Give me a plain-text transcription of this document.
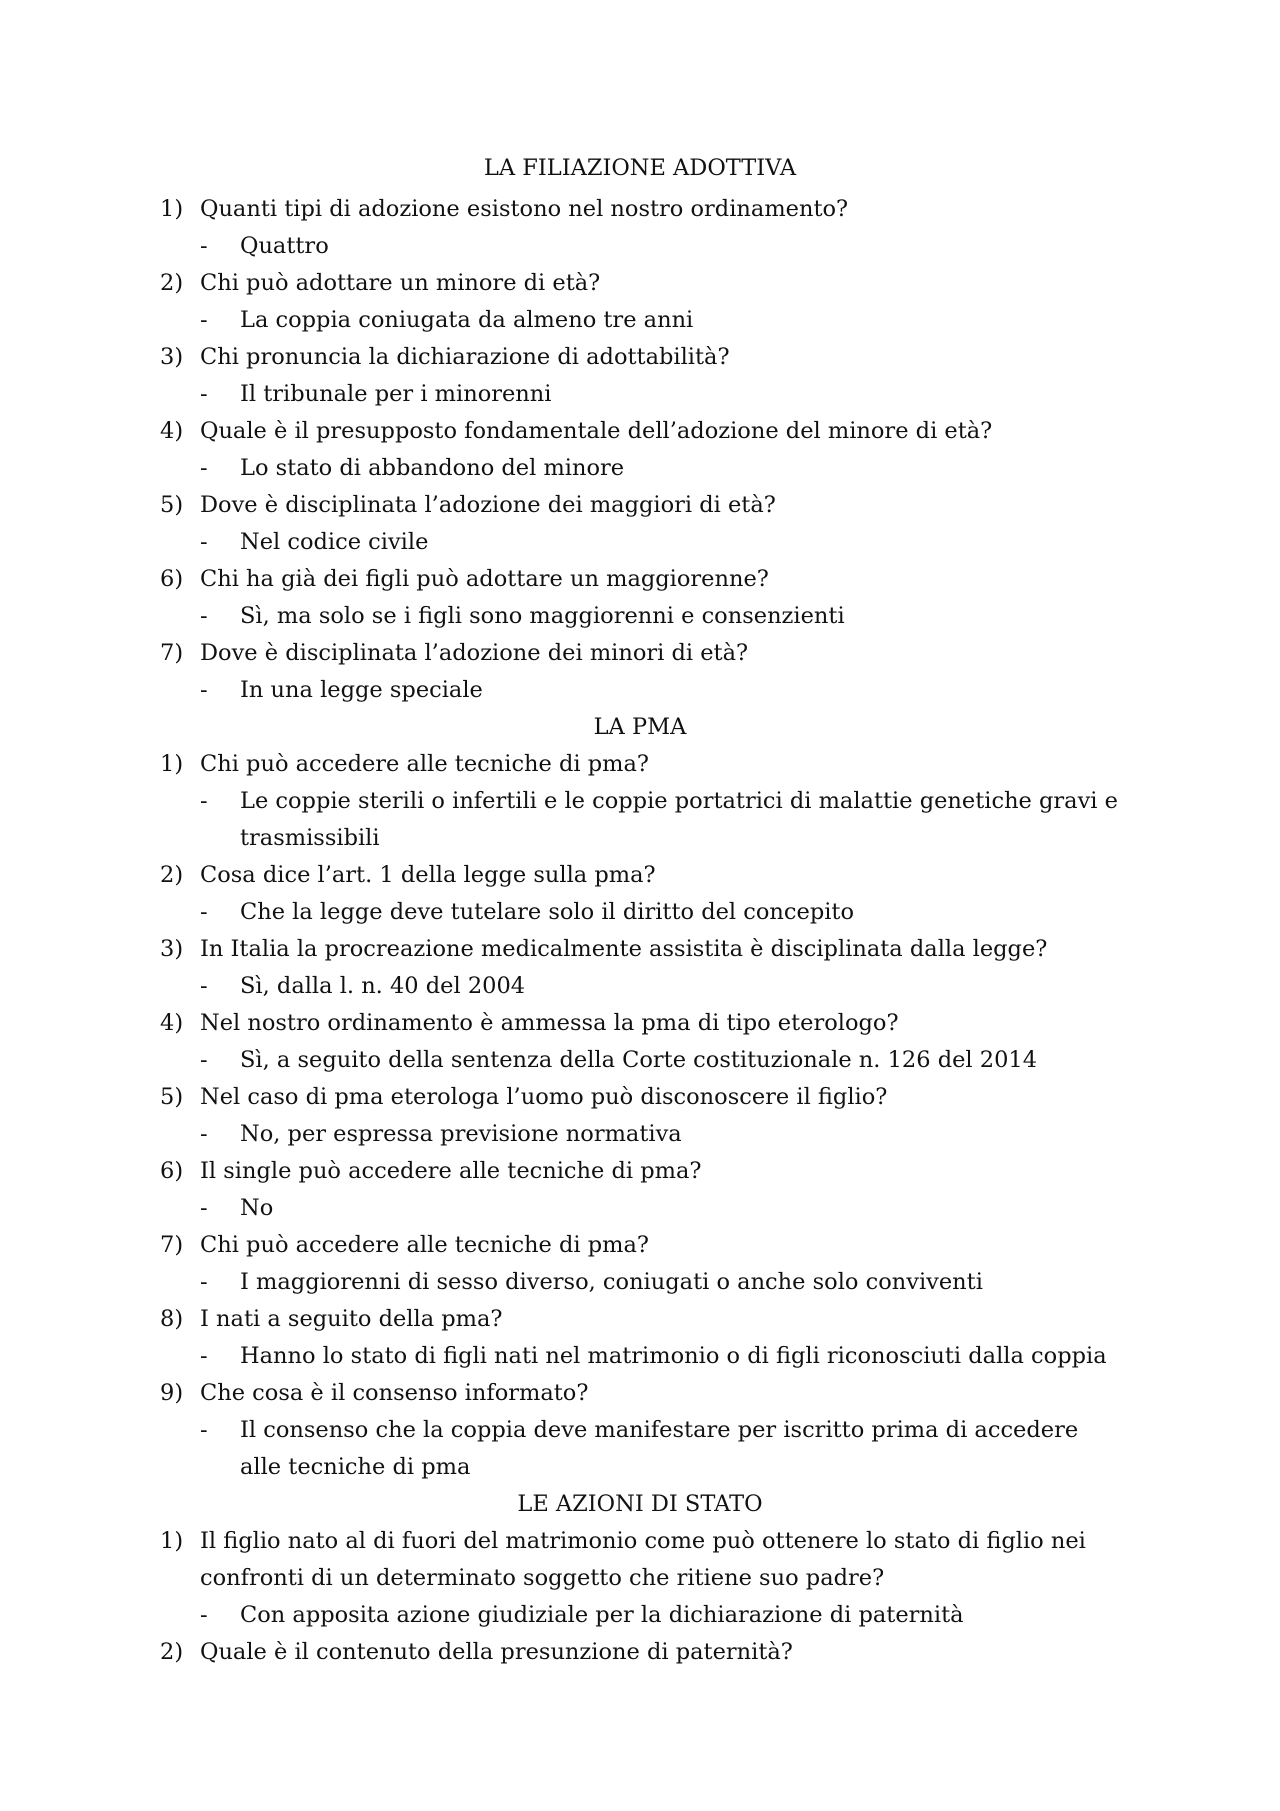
LA FILIAZIONE ADOTTIVA
1) Quanti tipi di adozione esistono nel nostro ordinamento?
- Quattro
2) Chi può adottare un minore di età?
- La coppia coniugata da almeno tre anni
3) Chi pronuncia la dichiarazione di adottabilità?
- Il tribunale per i minorenni
4) Quale è il presupposto fondamentale dell’adozione del minore di età?
- Lo stato di abbandono del minore
5) Dove è disciplinata l’adozione dei maggiori di età?
- Nel codice civile
6) Chi ha già dei figli può adottare un maggiorenne?
- Sì, ma solo se i figli sono maggiorenni e consenzienti
7) Dove è disciplinata l’adozione dei minori di età?
- In una legge speciale
LA PMA
1) Chi può accedere alle tecniche di pma?
- Le coppie sterili o infertili e le coppie portatrici di malattie genetiche gravi e trasmissibili
2) Cosa dice l’art. 1 della legge sulla pma?
- Che la legge deve tutelare solo il diritto del concepito
3) In Italia la procreazione medicalmente assistita è disciplinata dalla legge?
- Sì, dalla l. n. 40 del 2004
4) Nel nostro ordinamento è ammessa la pma di tipo eterologo?
- Sì, a seguito della sentenza della Corte costituzionale n. 126 del 2014
5) Nel caso di pma eterologa l’uomo può disconoscere il figlio?
- No, per espressa previsione normativa
6) Il single può accedere alle tecniche di pma?
- No
7) Chi può accedere alle tecniche di pma?
- I maggiorenni di sesso diverso, coniugati o anche solo conviventi
8) I nati a seguito della pma?
- Hanno lo stato di figli nati nel matrimonio o di figli riconosciuti dalla coppia
9) Che cosa è il consenso informato?
- Il consenso che la coppia deve manifestare per iscritto prima di accedere alle tecniche di pma
LE AZIONI DI STATO
1) Il figlio nato al di fuori del matrimonio come può ottenere lo stato di figlio nei confronti di un determinato soggetto che ritiene suo padre?
- Con apposita azione giudiziale per la dichiarazione di paternità
2) Quale è il contenuto della presunzione di paternità?
